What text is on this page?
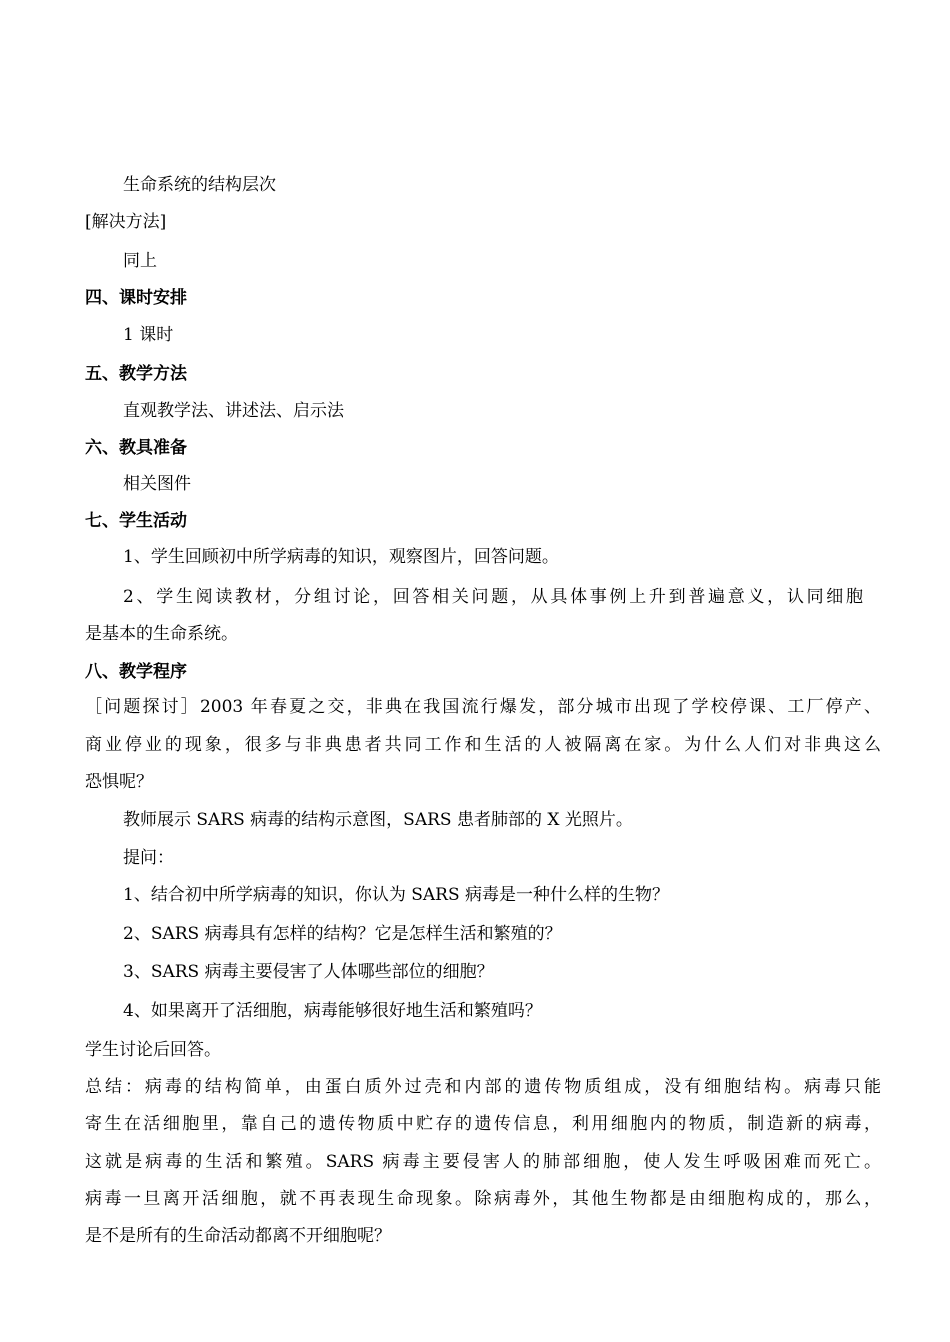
生命系统的结构层次
[解决方法]
同上
四、课时安排
1 课时
五、教学方法
直观教学法、讲述法、启示法
六、教具准备
相关图件
七、学生活动
1、学生回顾初中所学病毒的知识，观察图片，回答问题。
2、学生阅读教材，分组讨论，回答相关问题，从具体事例上升到普遍意义，认同细胞
是基本的生命系统。
八、教学程序
［问题探讨］2003 年春夏之交，非典在我国流行爆发，部分城市出现了学校停课、工厂停产、
商业停业的现象，很多与非典患者共同工作和生活的人被隔离在家。为什么人们对非典这么
恐惧呢？
教师展示 SARS 病毒的结构示意图，SARS 患者肺部的 X 光照片。
提问：
1、结合初中所学病毒的知识，你认为 SARS 病毒是一种什么样的生物？
2、SARS 病毒具有怎样的结构？它是怎样生活和繁殖的？
3、SARS 病毒主要侵害了人体哪些部位的细胞？
4、如果离开了活细胞，病毒能够很好地生活和繁殖吗？
学生讨论后回答。
总结：病毒的结构简单，由蛋白质外过壳和内部的遗传物质组成，没有细胞结构。病毒只能
寄生在活细胞里，靠自己的遗传物质中贮存的遗传信息，利用细胞内的物质，制造新的病毒，
这就是病毒的生活和繁殖。SARS 病毒主要侵害人的肺部细胞，使人发生呼吸困难而死亡。
病毒一旦离开活细胞，就不再表现生命现象。除病毒外，其他生物都是由细胞构成的，那么，
是不是所有的生命活动都离不开细胞呢？
